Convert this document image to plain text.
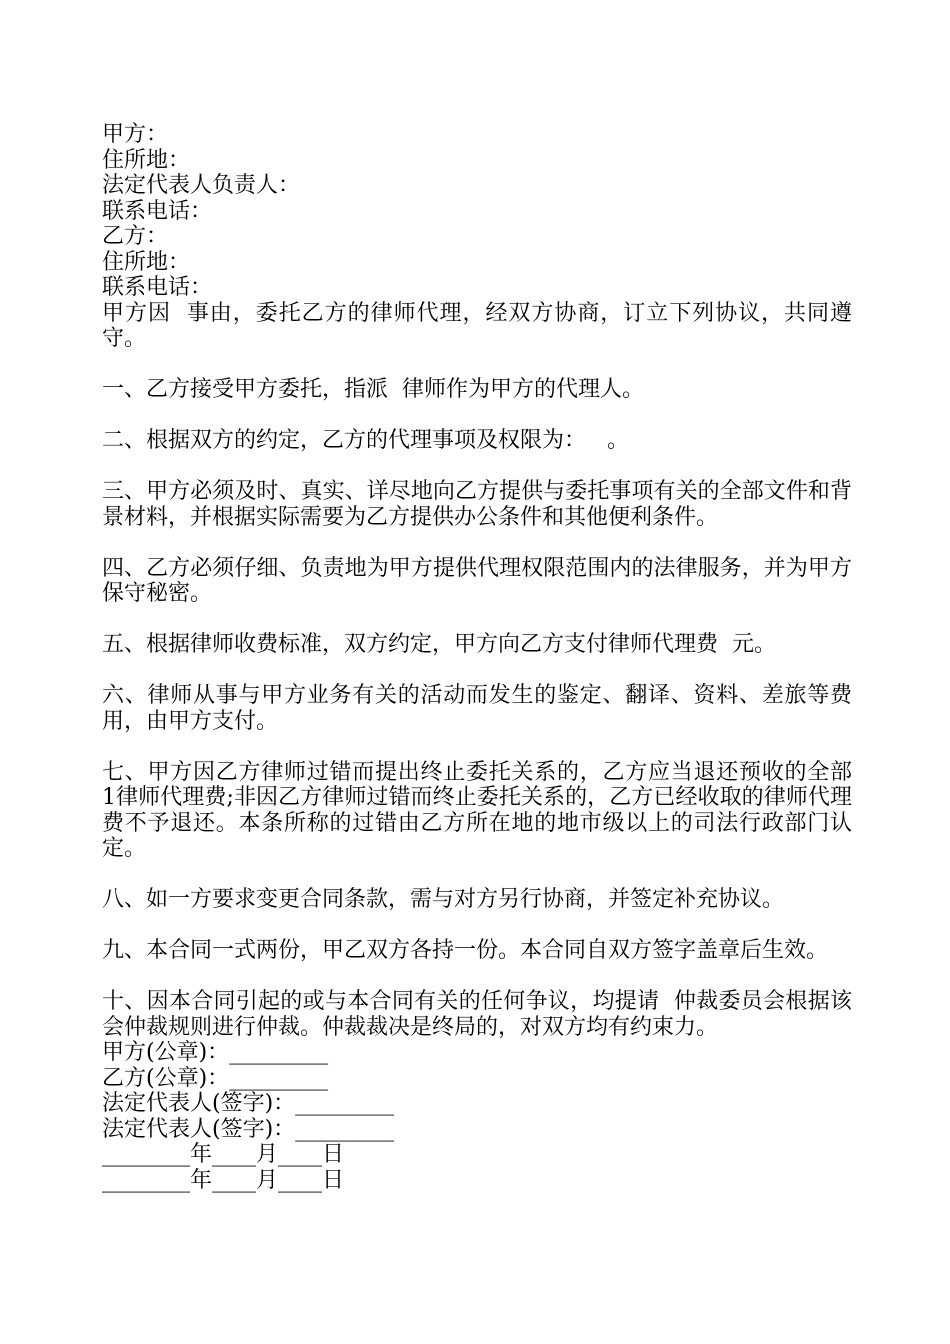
甲方：
住所地：
法定代表人负责人：
联系电话：
乙方：
住所地：
联系电话：
甲方因  事由，委托乙方的律师代理，经双方协商，订立下列协议，共同遵守。
一、乙方接受甲方委托，指派  律师作为甲方的代理人。
二、根据双方的约定，乙方的代理事项及权限为：   。
三、甲方必须及时、真实、详尽地向乙方提供与委托事项有关的全部文件和背景材料，并根据实际需要为乙方提供办公条件和其他便利条件。
四、乙方必须仔细、负责地为甲方提供代理权限范围内的法律服务，并为甲方保守秘密。
五、根据律师收费标准，双方约定，甲方向乙方支付律师代理费  元。
六、律师从事与甲方业务有关的活动而发生的鉴定、翻译、资料、差旅等费用，由甲方支付。
七、甲方因乙方律师过错而提出终止委托关系的，乙方应当退还预收的全部  1律师代理费;非因乙方律师过错而终止委托关系的，乙方已经收取的律师代理费不予退还。本条所称的过错由乙方所在地的地市级以上的司法行政部门认定。
八、如一方要求变更合同条款，需与对方另行协商，并签定补充协议。
九、本合同一式两份，甲乙双方各持一份。本合同自双方签字盖章后生效。
十、因本合同引起的或与本合同有关的任何争议，均提请  仲裁委员会根据该会仲裁规则进行仲裁。仲裁裁决是终局的，对双方均有约束力。
甲方(公章)：_________
乙方(公章)：_________
法定代表人(签字)：_________
法定代表人(签字)：_________
________年____月____日
________年____月____日
